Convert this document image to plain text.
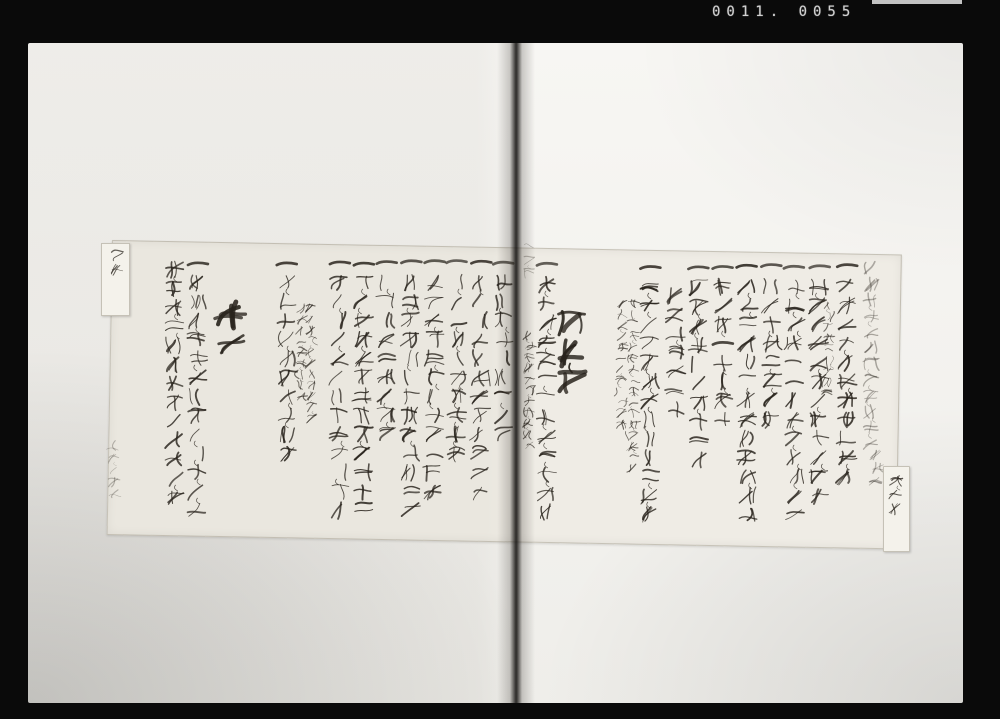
0011. 0055
